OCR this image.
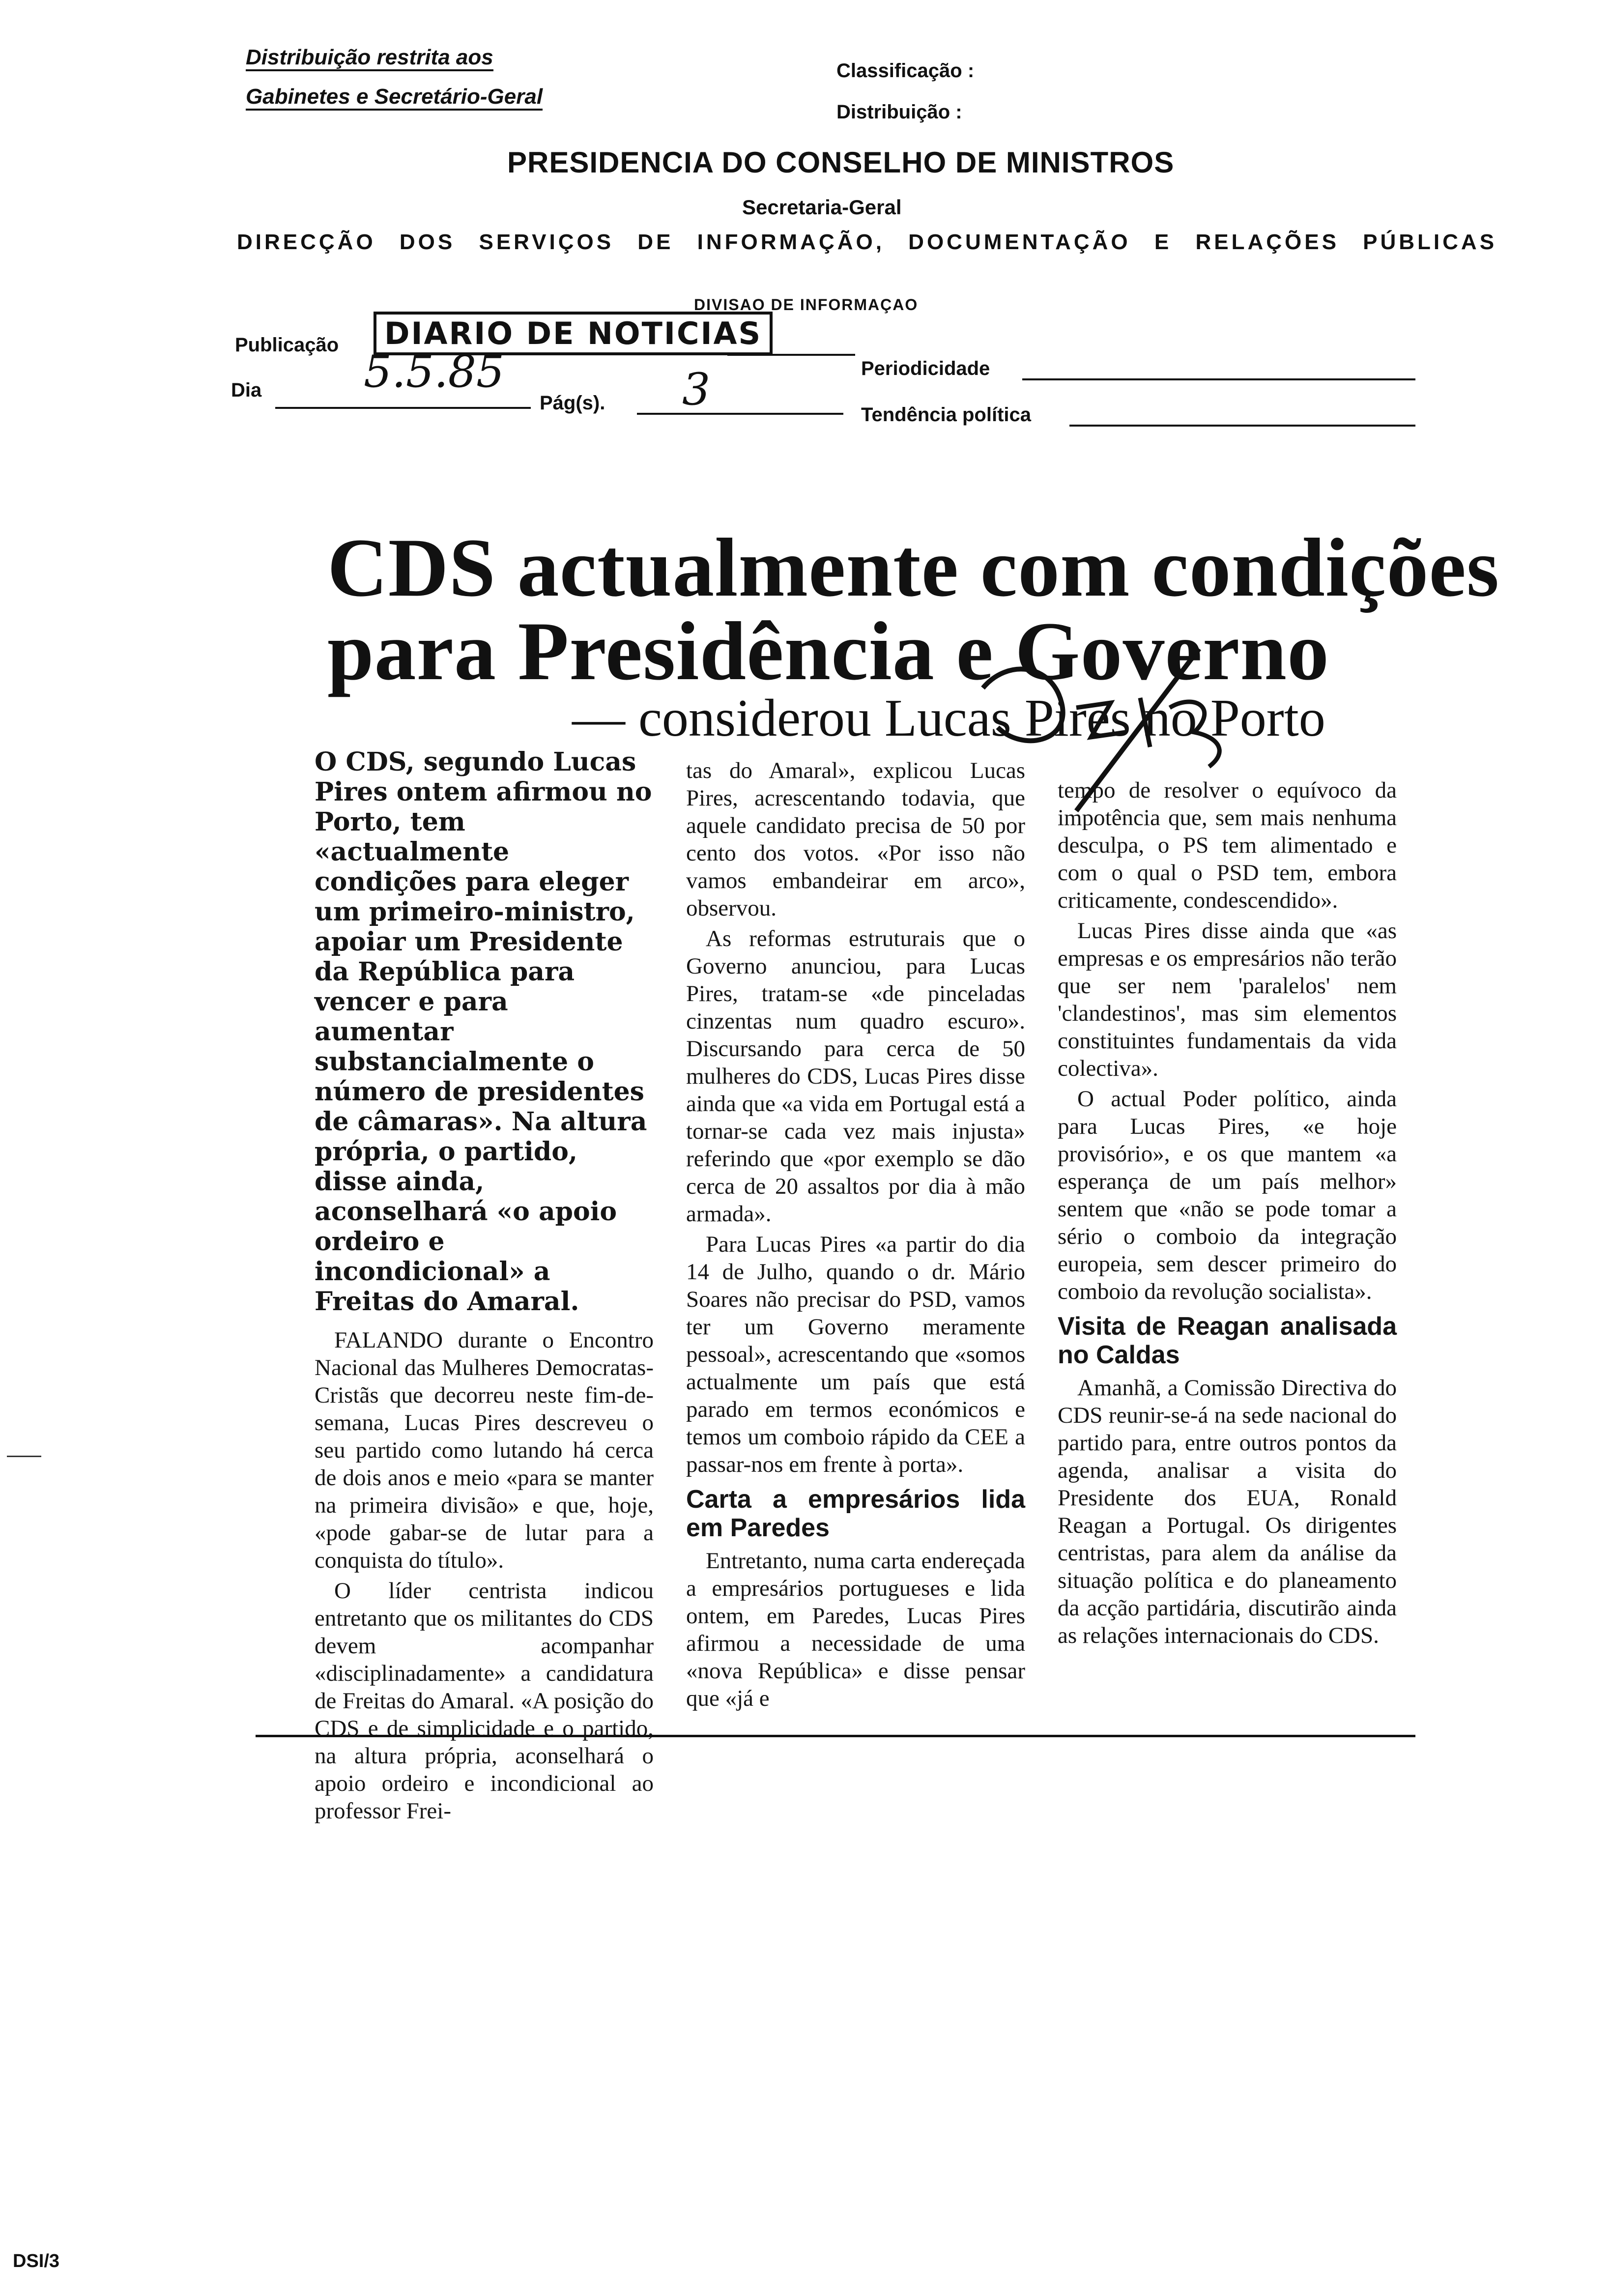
Distribuição restrita aos
Gabinetes e Secretário-Geral
Classificação :
Distribuição :
PRESIDENCIA DO CONSELHO DE MINISTROS
Secretaria-Geral
DIRECÇÃO DOS SERVIÇOS DE INFORMAÇÃO, DOCUMENTAÇÃO E RELAÇÕES PÚBLICAS
DIVISAO DE INFORMAÇAO
Publicação	DIARIO DE NOTICIAS
Periodicidade
Dia 5.5.85
Pág(s). 3	Tendência política
CDS actualmente com condições
para Presidência e Governo
— considerou Lucas Pires no Porto

O CDS, segundo Lucas Pires ontem afirmou no Porto, tem «actualmente condições para eleger um primeiro-ministro, apoiar um Presidente da República para vencer e para aumentar substancialmente o número de presidentes de câmaras». Na altura própria, o partido, disse ainda, aconselhará «o apoio ordeiro e incondicional» a Freitas do Amaral.

FALANDO durante o Encontro Nacional das Mulheres Democratas-Cristãs que decorreu neste fim-de-semana, Lucas Pires descreveu o seu partido como lutando há cerca de dois anos e meio «para se manter na primeira divisão» e que, hoje, «pode gabar-se de lutar para a conquista do título».

O líder centrista indicou entretanto que os militantes do CDS devem acompanhar «disciplinadamente» a candidatura de Freitas do Amaral. «A posição do CDS e de simplicidade e o partido, na altura própria, aconselhará o apoio ordeiro e incondicional ao professor Frei-

tas do Amaral», explicou Lucas Pires, acrescentando todavia, que aquele candidato precisa de 50 por cento dos votos. «Por isso não vamos embandeirar em arco», observou.

As reformas estruturais que o Governo anunciou, para Lucas Pires, tratam-se «de pinceladas cinzentas num quadro escuro». Discursando para cerca de 50 mulheres do CDS, Lucas Pires disse ainda que «a vida em Portugal está a tornar-se cada vez mais injusta» referindo que «por exemplo se dão cerca de 20 assaltos por dia à mão armada».

Para Lucas Pires «a partir do dia 14 de Julho, quando o dr. Mário Soares não precisar do PSD, vamos ter um Governo meramente pessoal», acrescentando que «somos actualmente um país que está parado em termos económicos e temos um comboio rápido da CEE a passar-nos em frente à porta».

Carta a empresários lida em Paredes

Entretanto, numa carta endereçada a empresários portugueses e lida ontem, em Paredes, Lucas Pires afirmou a necessidade de uma «nova República» e disse pensar que «já e

tempo de resolver o equívoco da impotência que, sem mais nenhuma desculpa, o PS tem alimentado e com o qual o PSD tem, embora criticamente, condescendido».

Lucas Pires disse ainda que «as empresas e os empresários não terão que ser nem 'paralelos' nem 'clandestinos', mas sim elementos constituintes fundamentais da vida colectiva».

O actual Poder político, ainda para Lucas Pires, «e hoje provisório», e os que mantem «a esperança de um país melhor» sentem que «não se pode tomar a sério o comboio da integração europeia, sem descer primeiro do comboio da revolução socialista».

Visita de Reagan analisada no Caldas

Amanhã, a Comissão Directiva do CDS reunir-se-á na sede nacional do partido para, entre outros pontos da agenda, analisar a visita do Presidente dos EUA, Ronald Reagan a Portugal. Os dirigentes centristas, para alem da análise da situação política e do planeamento da acção partidária, discutirão ainda as relações internacionais do CDS.

DSI/3
